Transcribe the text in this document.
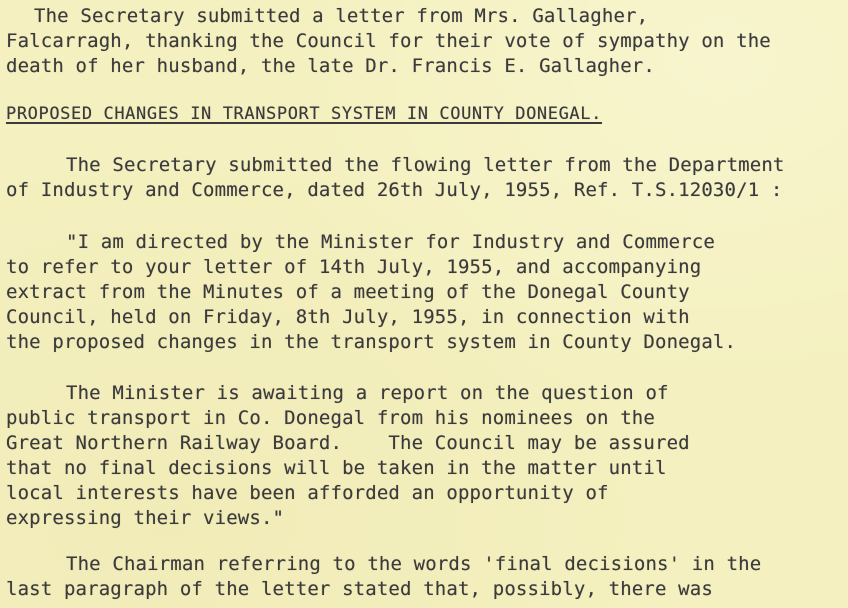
The Secretary submitted a letter from Mrs. Gallagher,
Falcarragh, thanking the Council for their vote of sympathy on the
death of her husband, the late Dr. Francis E. Gallagher.
PROPOSED CHANGES IN TRANSPORT SYSTEM IN COUNTY DONEGAL.
The Secretary submitted the flowing letter from the Department
of Industry and Commerce, dated 26th July, 1955, Ref. T.S.12030/1 :
"I am directed by the Minister for Industry and Commerce
to refer to your letter of 14th July, 1955, and accompanying
extract from the Minutes of a meeting of the Donegal County
Council, held on Friday, 8th July, 1955, in connection with
the proposed changes in the transport system in County Donegal.
The Minister is awaiting a report on the question of
public transport in Co. Donegal from his nominees on the
Great Northern Railway Board.    The Council may be assured
that no final decisions will be taken in the matter until
local interests have been afforded an opportunity of
expressing their views."
The Chairman referring to the words 'final decisions' in the
last paragraph of the letter stated that, possibly, there was
